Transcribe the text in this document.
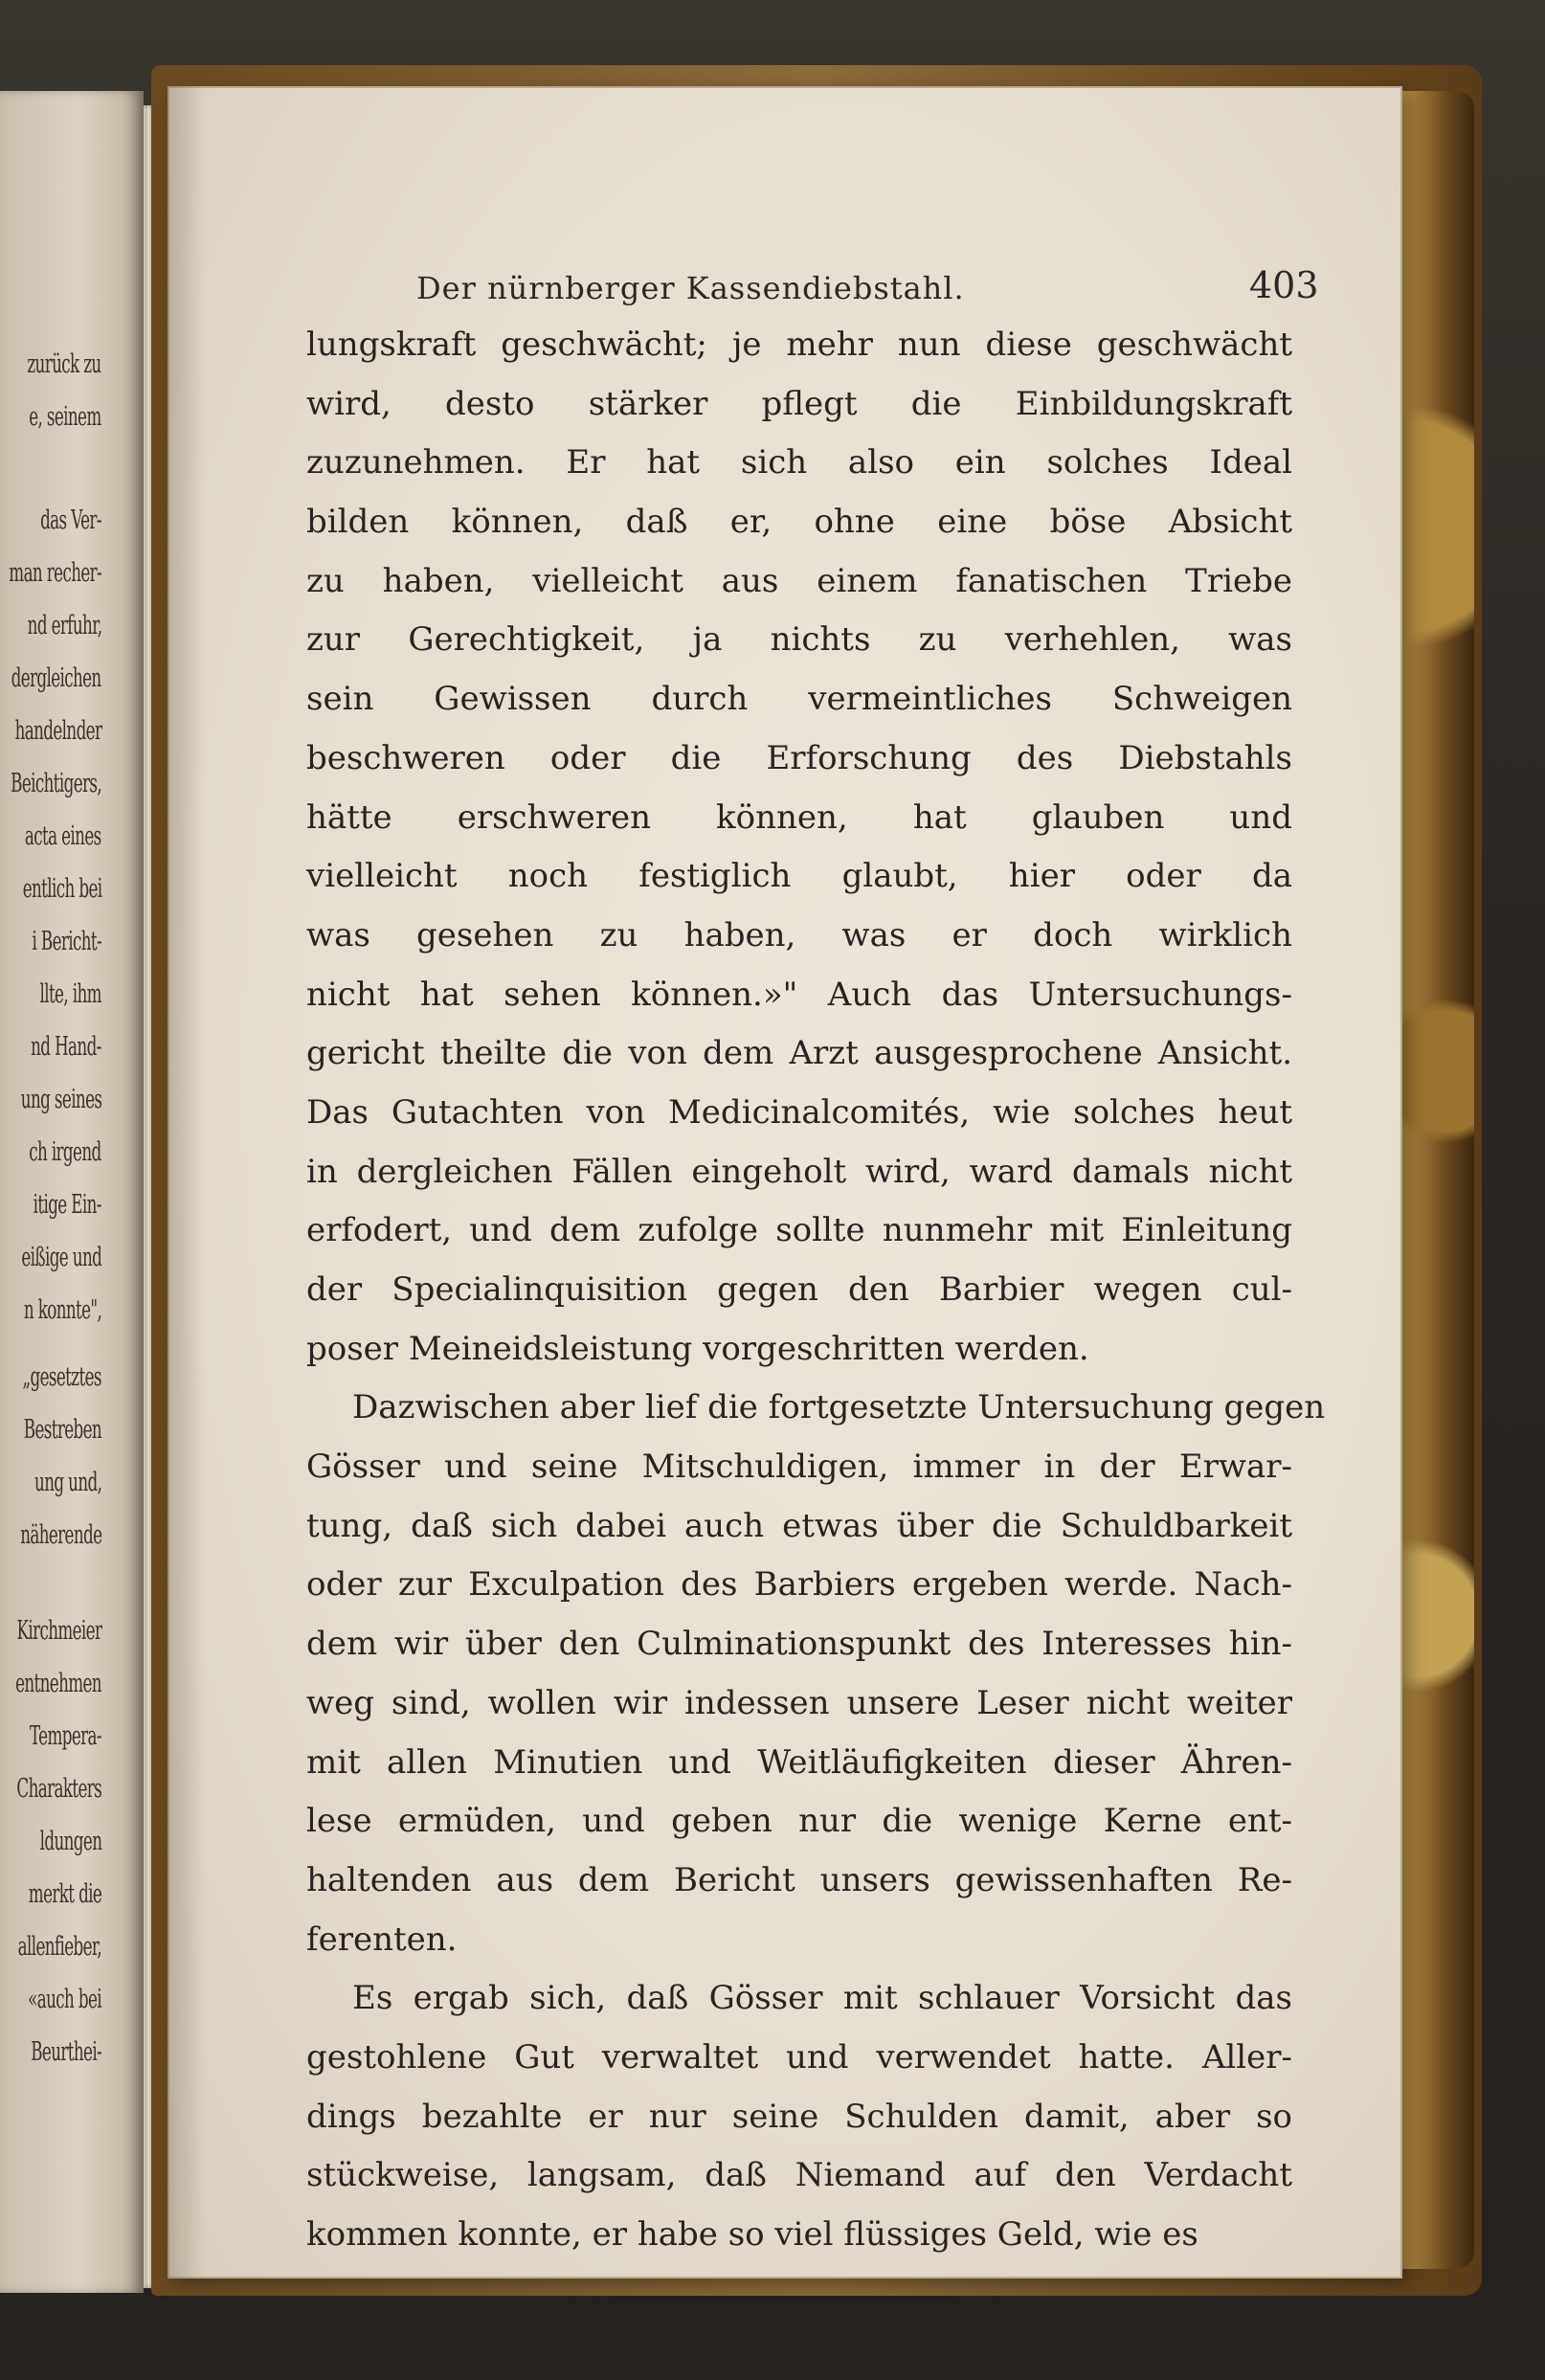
zurück zu
e, seinem
das Ver-
man recher-
nd erfuhr,
dergleichen
handelnder
Beichtigers,
acta eines
entlich bei
i Bericht-
llte, ihm
nd Hand-
ung seines
ch irgend
itige Ein-
eißige und
n konnte",
„gesetztes
Bestreben
ung und,
näherende
Kirchmeier
entnehmen
Tempera-
Charakters
ldungen
merkt die
allenfieber,
«auch bei
Beurthei-
Der nürnberger Kassendiebstahl.	403
lungskraft geschwächt; je mehr nun diese geschwächt
wird, desto stärker pflegt die Einbildungskraft
zuzunehmen. Er hat sich also ein solches Ideal
bilden können, daß er, ohne eine böse Absicht
zu haben, vielleicht aus einem fanatischen Triebe
zur Gerechtigkeit, ja nichts zu verhehlen, was
sein Gewissen durch vermeintliches Schweigen
beschweren oder die Erforschung des Diebstahls
hätte erschweren können, hat glauben und
vielleicht noch festiglich glaubt, hier oder da
was gesehen zu haben, was er doch wirklich
nicht hat sehen können.»" Auch das Untersuchungs-
gericht theilte die von dem Arzt ausgesprochene Ansicht.
Das Gutachten von Medicinalcomités, wie solches heut
in dergleichen Fällen eingeholt wird, ward damals nicht
erfodert, und dem zufolge sollte nunmehr mit Einleitung
der Specialinquisition gegen den Barbier wegen cul-
poser Meineidsleistung vorgeschritten werden.
Dazwischen aber lief die fortgesetzte Untersuchung gegen
Gösser und seine Mitschuldigen, immer in der Erwar-
tung, daß sich dabei auch etwas über die Schuldbarkeit
oder zur Exculpation des Barbiers ergeben werde. Nach-
dem wir über den Culminationspunkt des Interesses hin-
weg sind, wollen wir indessen unsere Leser nicht weiter
mit allen Minutien und Weitläufigkeiten dieser Ähren-
lese ermüden, und geben nur die wenige Kerne ent-
haltenden aus dem Bericht unsers gewissenhaften Re-
ferenten.
Es ergab sich, daß Gösser mit schlauer Vorsicht das
gestohlene Gut verwaltet und verwendet hatte. Aller-
dings bezahlte er nur seine Schulden damit, aber so
stückweise, langsam, daß Niemand auf den Verdacht
kommen konnte, er habe so viel flüssiges Geld, wie es
